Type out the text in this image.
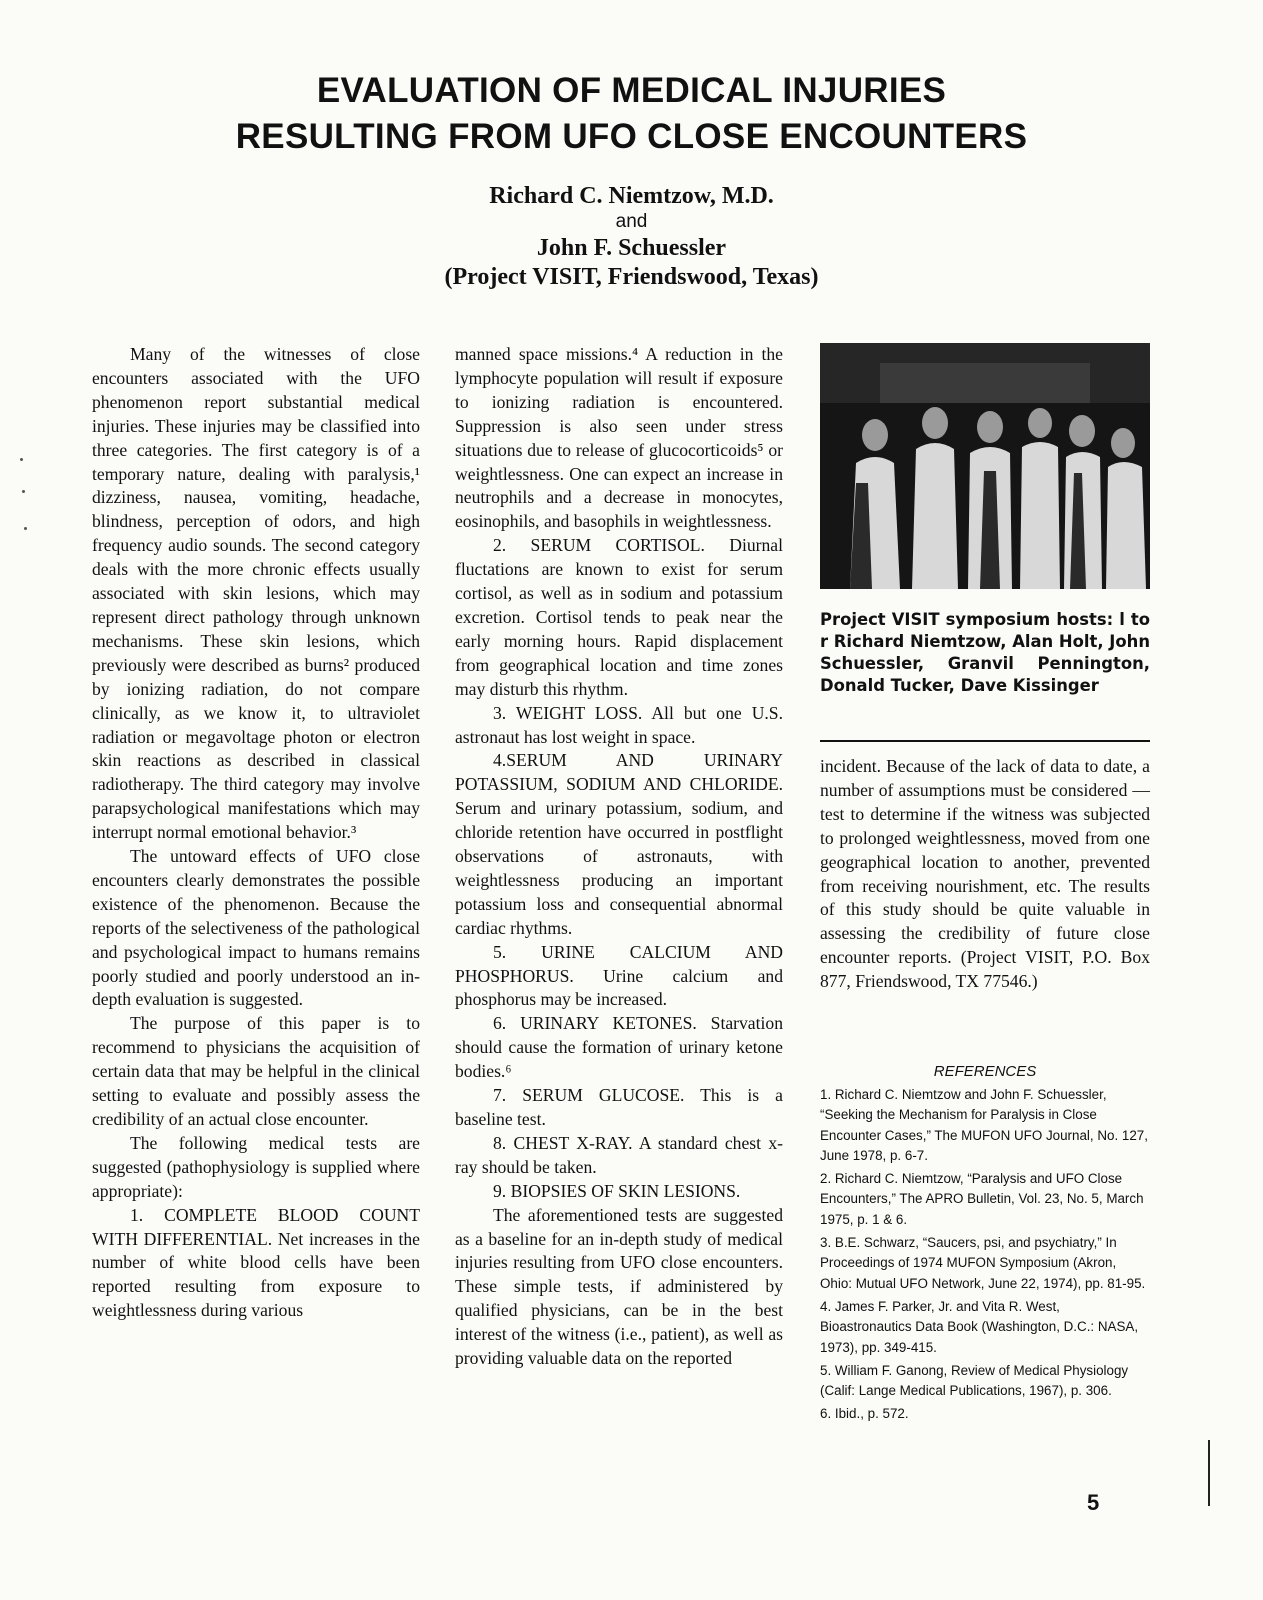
EVALUATION OF MEDICAL INJURIES
RESULTING FROM UFO CLOSE ENCOUNTERS
Richard C. Niemtzow, M.D.
and
John F. Schuessler
(Project VISIT, Friendswood, Texas)

Many of the witnesses of close encounters associated with the UFO phenomenon report substantial medical injuries. These injuries may be classified into three categories. The first category is of a temporary nature, dealing with paralysis,¹ dizziness, nausea, vomiting, headache, blindness, perception of odors, and high frequency audio sounds. The second category deals with the more chronic effects usually associated with skin lesions, which may represent direct pathology through unknown mechanisms. These skin lesions, which previously were described as burns² produced by ionizing radiation, do not compare clinically, as we know it, to ultraviolet radiation or megavoltage photon or electron skin reactions as described in classical radiotherapy. The third category may involve parapsychological manifestations which may interrupt normal emotional behavior.³

The untoward effects of UFO close encounters clearly demonstrates the possible existence of the phenomenon. Because the reports of the selectiveness of the pathological and psychological impact to humans remains poorly studied and poorly understood an in-depth evaluation is suggested.

The purpose of this paper is to recommend to physicians the acquisition of certain data that may be helpful in the clinical setting to evaluate and possibly assess the credibility of an actual close encounter.

The following medical tests are suggested (pathophysiology is supplied where appropriate):

1. COMPLETE BLOOD COUNT WITH DIFFERENTIAL. Net increases in the number of white blood cells have been reported resulting from exposure to weightlessness during various

manned space missions.⁴ A reduction in the lymphocyte population will result if exposure to ionizing radiation is encountered. Suppression is also seen under stress situations due to release of glucocorticoids⁵ or weightlessness. One can expect an increase in neutrophils and a decrease in monocytes, eosinophils, and basophils in weightlessness.

2. SERUM CORTISOL. Diurnal fluctations are known to exist for serum cortisol, as well as in sodium and potassium excretion. Cortisol tends to peak near the early morning hours. Rapid displacement from geographical location and time zones may disturb this rhythm.

3. WEIGHT LOSS. All but one U.S. astronaut has lost weight in space.

4.SERUM AND URINARY POTASSIUM, SODIUM AND CHLORIDE. Serum and urinary potassium, sodium, and chloride retention have occurred in postflight observations of astronauts, with weightlessness producing an important potassium loss and consequential abnormal cardiac rhythms.

5. URINE CALCIUM AND PHOSPHORUS. Urine calcium and phosphorus may be increased.

6. URINARY KETONES. Starvation should cause the formation of urinary ketone bodies.⁶

7. SERUM GLUCOSE. This is a baseline test.

8. CHEST X-RAY. A standard chest x-ray should be taken.

9. BIOPSIES OF SKIN LESIONS.

The aforementioned tests are suggested as a baseline for an in-depth study of medical injuries resulting from UFO close encounters. These simple tests, if administered by qualified physicians, can be in the best interest of the witness (i.e., patient), as well as providing valuable data on the reported

Project VISIT symposium hosts: l to r Richard Niemtzow, Alan Holt, John Schuessler, Granvil Pennington, Donald Tucker, Dave Kissinger

incident. Because of the lack of data to date, a number of assumptions must be considered — test to determine if the witness was subjected to prolonged weightlessness, moved from one geographical location to another, prevented from receiving nourishment, etc. The results of this study should be quite valuable in assessing the credibility of future close encounter reports. (Project VISIT, P.O. Box 877, Friendswood, TX 77546.)

REFERENCES
1. Richard C. Niemtzow and John F. Schuessler, “Seeking the Mechanism for Paralysis in Close Encounter Cases,” The MUFON UFO Journal, No. 127, June 1978, p. 6-7.
2. Richard C. Niemtzow, “Paralysis and UFO Close Encounters,” The APRO Bulletin, Vol. 23, No. 5, March 1975, p. 1 & 6.
3. B.E. Schwarz, “Saucers, psi, and psychiatry,” In Proceedings of 1974 MUFON Symposium (Akron, Ohio: Mutual UFO Network, June 22, 1974), pp. 81-95.
4. James F. Parker, Jr. and Vita R. West, Bioastronautics Data Book (Washington, D.C.: NASA, 1973), pp. 349-415.
5. William F. Ganong, Review of Medical Physiology (Calif: Lange Medical Publications, 1967), p. 306.
6. Ibid., p. 572.
5
